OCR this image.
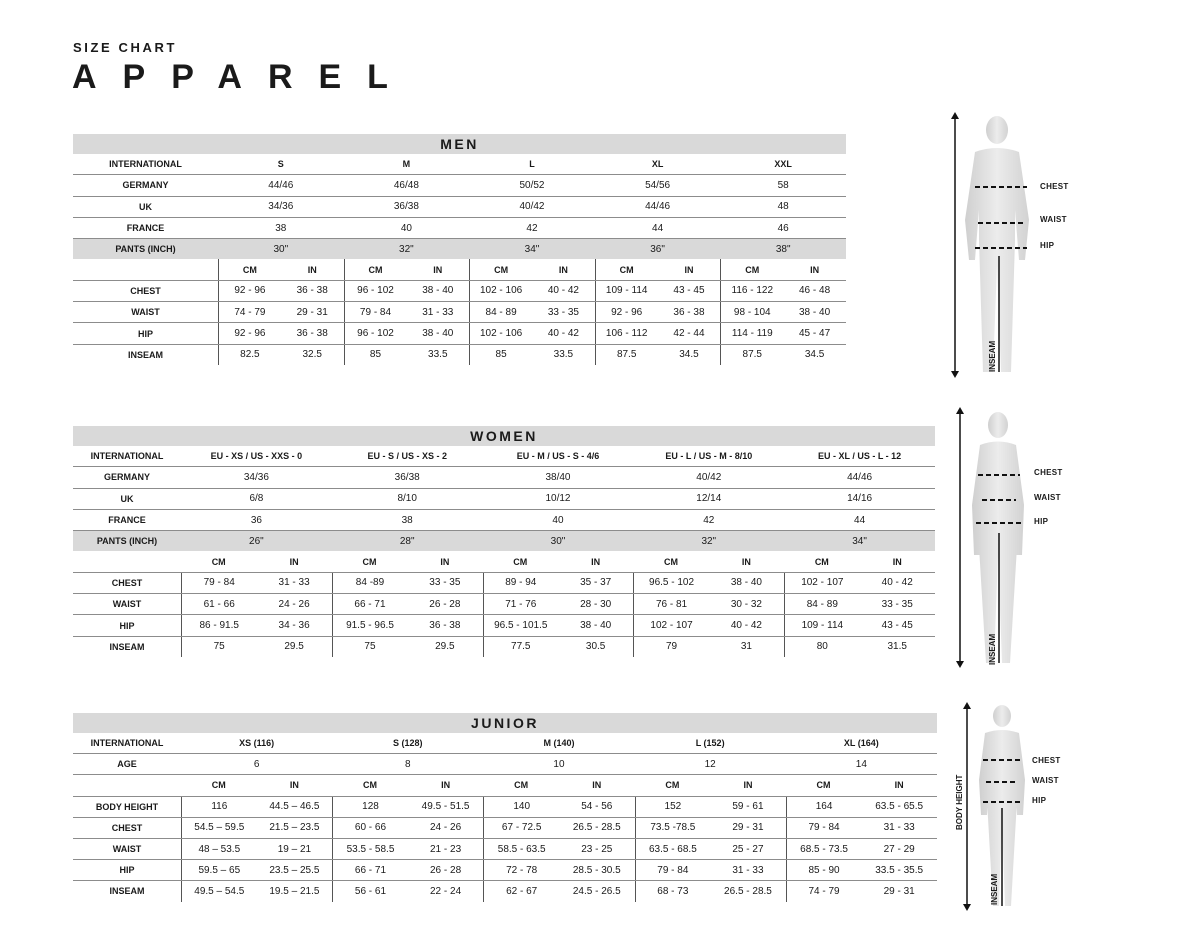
SIZE CHART
APPAREL
MEN
INTERNATIONAL	S	M	L	XL	XXL
GERMANY	44/46	46/48	50/52	54/56	58
UK	34/36	36/38	40/42	44/46	48
FRANCE	38	40	42	44	46
PANTS (INCH)	30"	32"	34"	36"	38"
CM	IN	CM	IN	CM	IN	CM	IN	CM	IN
CHEST	92 - 96	36 - 38	96 - 102	38 - 40	102 - 106	40 - 42	109 - 114	43 - 45	116 - 122	46 - 48
WAIST	74 - 79	29 - 31	79 - 84	31 - 33	84 - 89	33 - 35	92 - 96	36 - 38	98 - 104	38 - 40
HIP	92 - 96	36 - 38	96 - 102	38 - 40	102 - 106	40 - 42	106 - 112	42 - 44	114 - 119	45 - 47
INSEAM	82.5	32.5	85	33.5	85	33.5	87.5	34.5	87.5	34.5
WOMEN
INTERNATIONAL	EU - XS / US - XXS - 0	EU - S / US - XS - 2	EU - M / US - S - 4/6	EU - L / US - M - 8/10	EU - XL / US - L - 12
GERMANY	34/36	36/38	38/40	40/42	44/46
UK	6/8	8/10	10/12	12/14	14/16
FRANCE	36	38	40	42	44
PANTS (INCH)	26"	28"	30"	32"	34"
CM	IN	CM	IN	CM	IN	CM	IN	CM	IN
CHEST	79 - 84	31 - 33	84 -89	33 - 35	89 - 94	35 - 37	96.5 - 102	38 - 40	102 - 107	40 - 42
WAIST	61 - 66	24 - 26	66 - 71	26 - 28	71 - 76	28 - 30	76 - 81	30 - 32	84 - 89	33 - 35
HIP	86 - 91.5	34 - 36	91.5 - 96.5	36 - 38	96.5 - 101.5	38 - 40	102 - 107	40 - 42	109 - 114	43 - 45
INSEAM	75	29.5	75	29.5	77.5	30.5	79	31	80	31.5
JUNIOR
INTERNATIONAL	XS (116)	S (128)	M (140)	L (152)	XL (164)
AGE	6	8	10	12	14
CM	IN	CM	IN	CM	IN	CM	IN	CM	IN
BODY HEIGHT	116	44.5 – 46.5	128	49.5 - 51.5	140	54 - 56	152	59 - 61	164	63.5 - 65.5
CHEST	54.5 – 59.5	21.5 – 23.5	60 - 66	24 - 26	67 - 72.5	26.5 - 28.5	73.5 -78.5	29 - 31	79 - 84	31 - 33
WAIST	48 – 53.5	19 – 21	53.5 - 58.5	21 - 23	58.5 - 63.5	23 - 25	63.5 - 68.5	25 - 27	68.5 - 73.5	27 - 29
HIP	59.5 – 65	23.5 – 25.5	66 - 71	26 - 28	72 - 78	28.5 - 30.5	79 - 84	31 - 33	85 - 90	33.5 - 35.5
INSEAM	49.5 – 54.5	19.5 – 21.5	56 - 61	22 - 24	62 - 67	24.5 - 26.5	68 - 73	26.5 - 28.5	74 - 79	29 - 31
CHEST
WAIST
HIP
INSEAM
CHEST
WAIST
HIP
INSEAM
CHEST
WAIST
HIP
BODY HEIGHT
INSEAM
